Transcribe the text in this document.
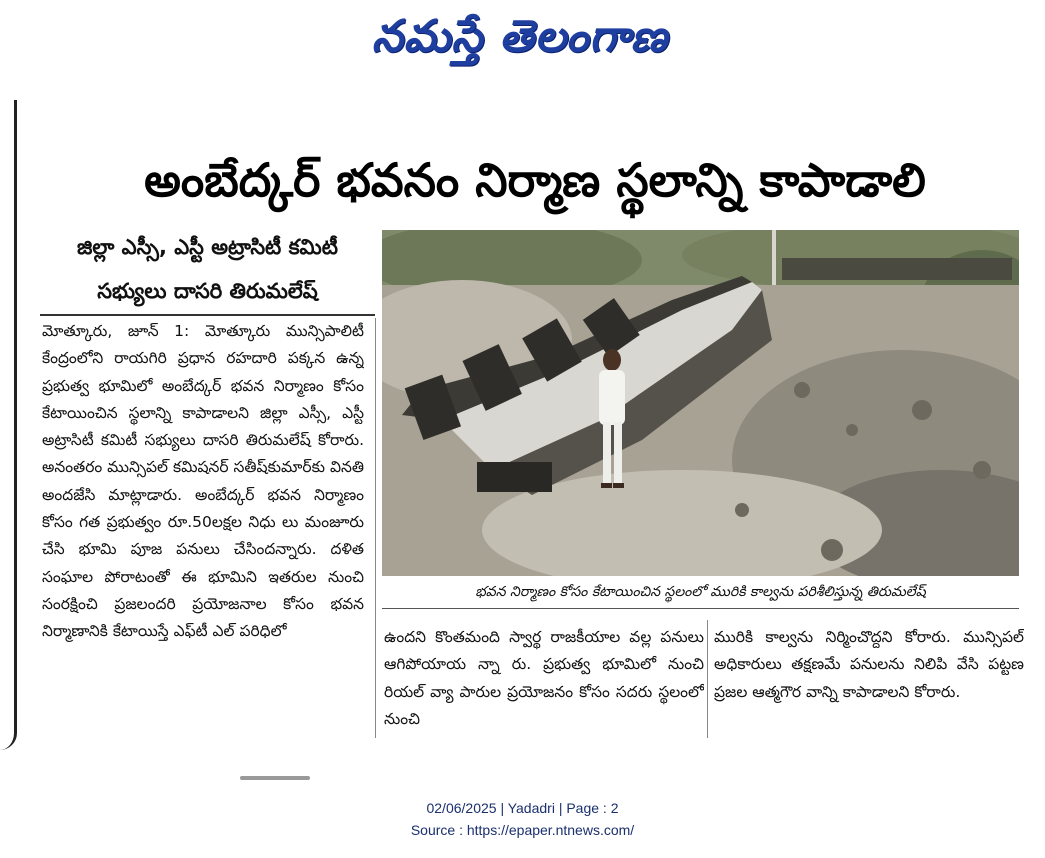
నమస్తే తెలంగాణ
అంబేద్కర్ భవనం నిర్మాణ స్థలాన్ని కాపాడాలి
జిల్లా ఎస్సీ, ఎస్టీ అట్రాసిటీ కమిటీ
సభ్యులు దాసరి తిరుమలేష్
మోత్కూరు, జూన్ 1: మోత్కూరు మున్సిపాలిటీ కేంద్రంలోని రాయగిరి ప్రధాన రహదారి పక్కన ఉన్న ప్రభుత్వ భూమిలో అంబేద్కర్ భవన నిర్మాణం కోసం కేటాయించిన స్థలాన్ని కాపాడాలని జిల్లా ఎస్సీ, ఎస్టీ అట్రాసిటీ కమిటీ సభ్యులు దాసరి తిరుమలేష్ కోరారు. అనంతరం మున్సిపల్ కమిషనర్ సతీష్‌కుమార్‌కు వినతి అందజేసి మాట్లాడారు. అంబేద్కర్ భవన నిర్మాణం కోసం గత ప్రభుత్వం రూ.50లక్షల నిధు లు మంజూరు చేసి భూమి పూజ పనులు చేసిందన్నారు. దళిత సంఘాల పోరాటంతో ఈ భూమిని ఇతరుల నుంచి సంరక్షించి ప్రజలందరి ప్రయోజనాల కోసం భవన నిర్మాణానికి కేటాయిస్తే ఎఫ్‌టీ ఎల్ పరిధిలో
భవన నిర్మాణం కోసం కేటాయించిన స్థలంలో మురికి కాల్వను పరిశీలిస్తున్న తిరుమలేష్
ఉందని కొంతమంది స్వార్థ రాజకీయాల వల్ల పనులు ఆగిపోయాయ న్నా రు. ప్రభుత్వ భూమిలో నుంచి రియల్ వ్యా పారుల ప్రయోజనం కోసం సదరు స్థలంలో నుంచి
మురికి కాల్వను నిర్మించొద్దని కోరారు. మున్సిపల్ అధికారులు తక్షణమే పనులను నిలిపి వేసి పట్టణ ప్రజల ఆత్మగౌర వాన్ని కాపాడాలని కోరారు.
02/06/2025 | Yadadri | Page : 2
Source : https://epaper.ntnews.com/
